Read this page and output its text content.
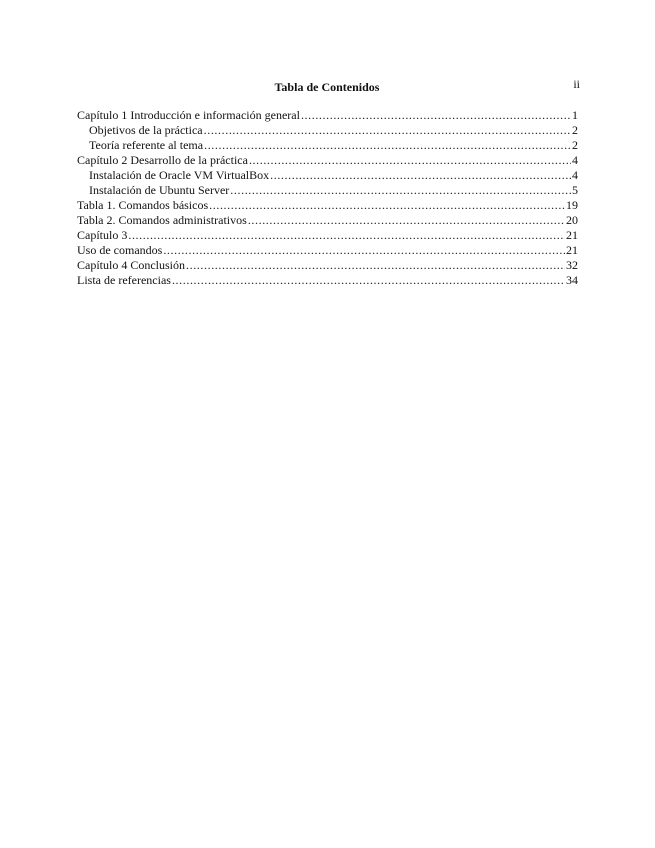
ii
Tabla de Contenidos
Capítulo 1 Introducción e información general .....	1
Objetivos de la práctica .....	2
Teoría referente al tema .....	2
Capítulo 2 Desarrollo de la práctica .....	4
Instalación de Oracle VM VirtualBox .....	4
Instalación de Ubuntu Server .....	5
Tabla 1. Comandos básicos .....	19
Tabla 2. Comandos administrativos .....	20
Capítulo 3 .....	21
Uso de comandos .....	21
Capítulo 4 Conclusión .....	32
Lista de referencias .....	34
